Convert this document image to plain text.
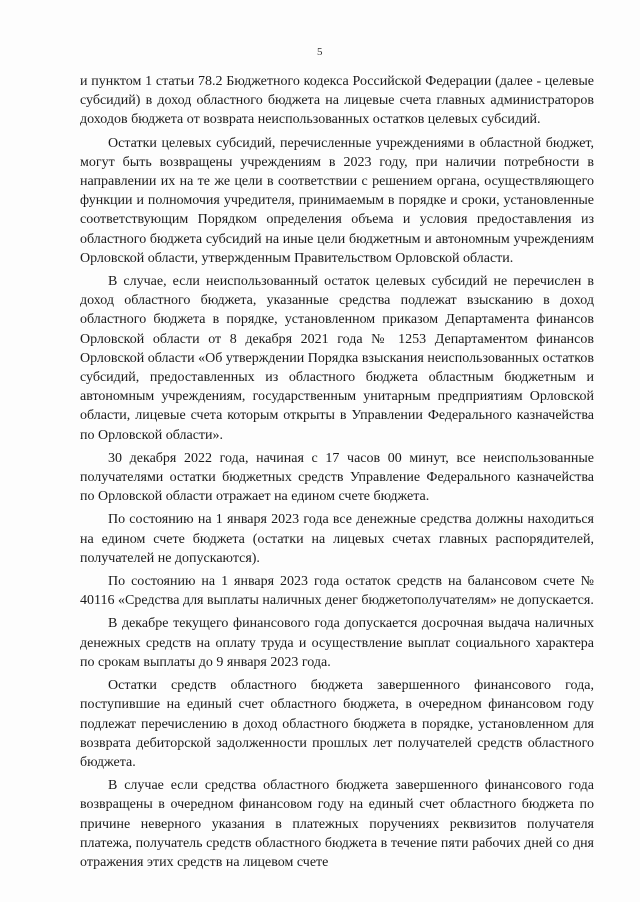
5

и пунктом 1 статьи 78.2 Бюджетного кодекса Российской Федерации (далее - целевые субсидий) в доход областного бюджета на лицевые счета главных администраторов доходов бюджета от возврата неиспользованных остатков целевых субсидий.

Остатки целевых субсидий, перечисленные учреждениями в областной бюджет, могут быть возвращены учреждениям в 2023 году, при наличии потребности в направлении их на те же цели в соответствии с решением органа, осуществляющего функции и полномочия учредителя, принимаемым в порядке и сроки, установленные соответствующим Порядком определения объема и условия предоставления из областного бюджета субсидий на иные цели бюджетным и автономным учреждениям Орловской области, утвержденным Правительством Орловской области.

В случае, если неиспользованный остаток целевых субсидий не перечислен в доход областного бюджета, указанные средства подлежат взысканию в доход областного бюджета в порядке, установленном приказом Департамента финансов Орловской области от 8 декабря 2021 года № 1253 Департаментом финансов Орловской области «Об утверждении Порядка взыскания неиспользованных остатков субсидий, предоставленных из областного бюджета областным бюджетным и автономным учреждениям, государственным унитарным предприятиям Орловской области, лицевые счета которым открыты в Управлении Федерального казначейства по Орловской области».

30 декабря 2022 года, начиная с 17 часов 00 минут, все неиспользованные получателями остатки бюджетных средств Управление Федерального казначейства по Орловской области отражает на едином счете бюджета.

По состоянию на 1 января 2023 года все денежные средства должны находиться на едином счете бюджета (остатки на лицевых счетах главных распорядителей, получателей не допускаются).

По состоянию на 1 января 2023 года остаток средств на балансовом счете № 40116 «Средства для выплаты наличных денег бюджетополучателям» не допускается.

В декабре текущего финансового года допускается досрочная выдача наличных денежных средств на оплату труда и осуществление выплат социального характера по срокам выплаты до 9 января 2023 года.

Остатки средств областного бюджета завершенного финансового года, поступившие на единый счет областного бюджета, в очередном финансовом году подлежат перечислению в доход областного бюджета в порядке, установленном для возврата дебиторской задолженности прошлых лет получателей средств областного бюджета.

В случае если средства областного бюджета завершенного финансового года возвращены в очередном финансовом году на единый счет областного бюджета по причине неверного указания в платежных поручениях реквизитов получателя платежа, получатель средств областного бюджета в течение пяти рабочих дней со дня отражения этих средств на лицевом счете
